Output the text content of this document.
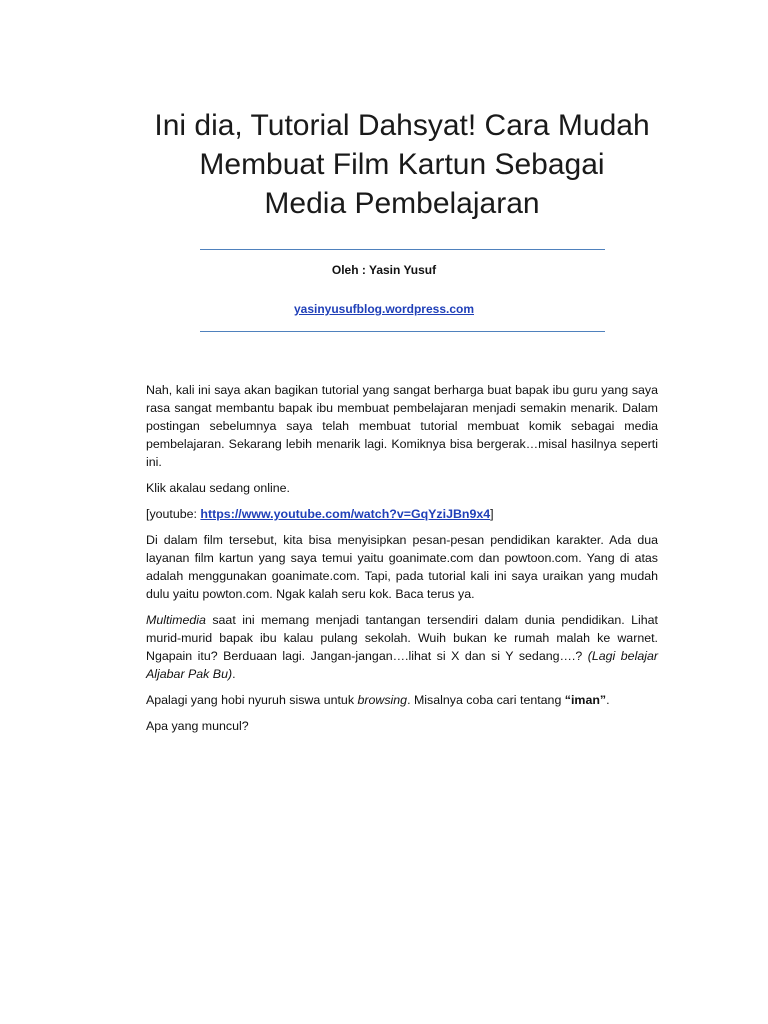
Ini dia, Tutorial Dahsyat! Cara Mudah
Membuat Film Kartun Sebagai
Media Pembelajaran
Oleh : Yasin Yusuf
yasinyusufblog.wordpress.com

Nah, kali ini saya akan bagikan tutorial yang sangat berharga buat bapak ibu guru yang saya rasa sangat membantu bapak ibu membuat pembelajaran menjadi semakin menarik. Dalam postingan sebelumnya saya telah membuat tutorial membuat komik sebagai media pembelajaran. Sekarang lebih menarik lagi. Komiknya bisa bergerak…misal hasilnya seperti ini.

Klik akalau sedang online.

[youtube: https://www.youtube.com/watch?v=GqYziJBn9x4]

Di dalam film tersebut, kita bisa menyisipkan pesan-pesan pendidikan karakter. Ada dua layanan film kartun yang saya temui yaitu goanimate.com dan powtoon.com. Yang di atas adalah menggunakan goanimate.com. Tapi, pada tutorial kali ini saya uraikan yang mudah dulu yaitu powton.com. Ngak kalah seru kok. Baca terus ya.

Multimedia saat ini memang menjadi tantangan tersendiri dalam dunia pendidikan. Lihat murid-murid bapak ibu kalau pulang sekolah. Wuih bukan ke rumah malah ke warnet. Ngapain itu? Berduaan lagi. Jangan-jangan….lihat si X dan si Y sedang….? (Lagi belajar Aljabar Pak Bu).

Apalagi yang hobi nyuruh siswa untuk browsing. Misalnya coba cari tentang “iman”.

Apa yang muncul?
